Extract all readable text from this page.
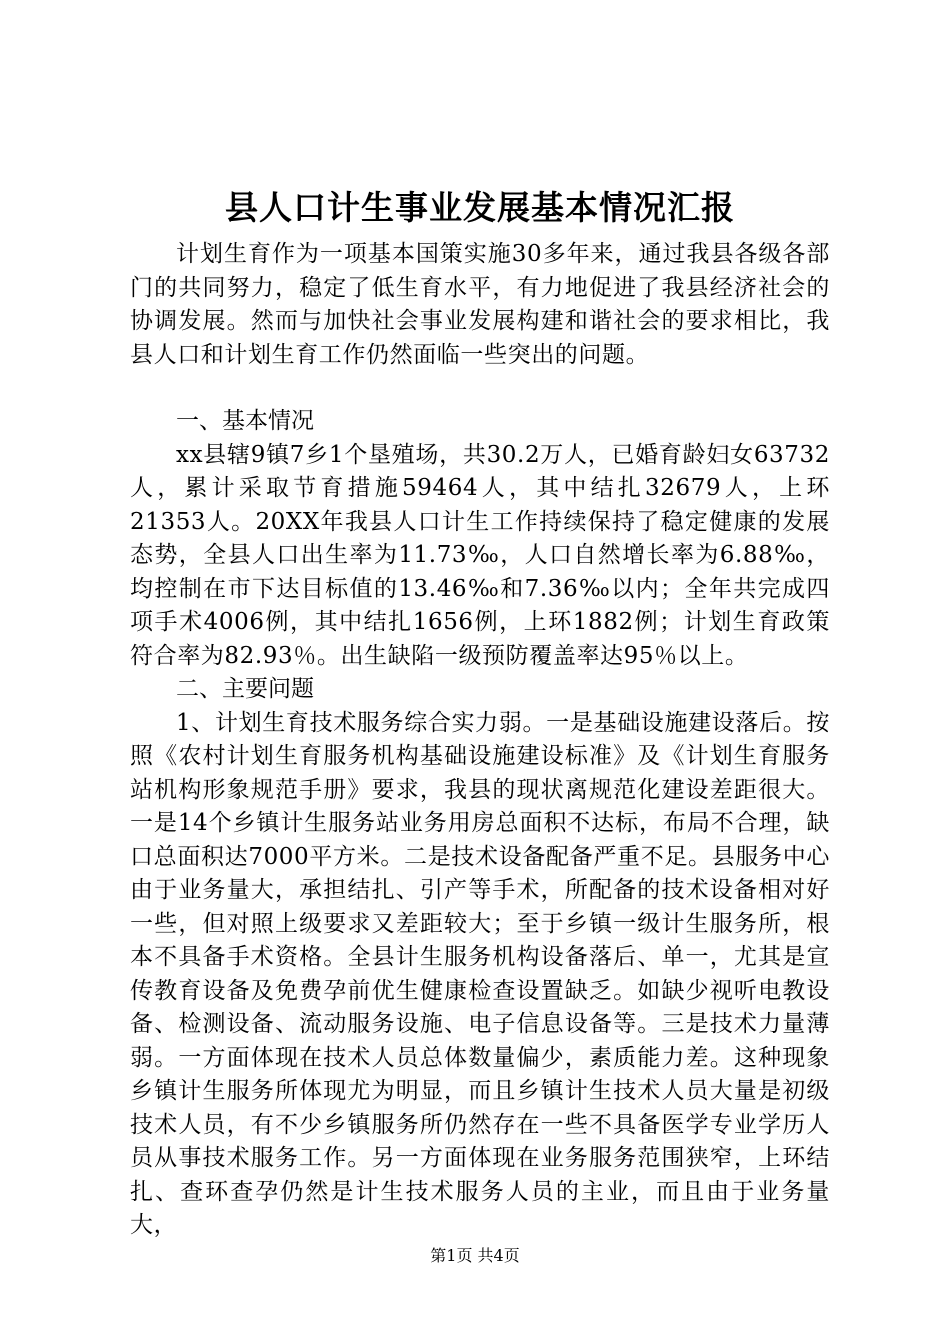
县人口计生事业发展基本情况汇报

计划生育作为一项基本国策实施30多年来，通过我县各级各部门的共同努力，稳定了低生育水平，有力地促进了我县经济社会的协调发展。然而与加快社会事业发展构建和谐社会的要求相比，我县人口和计划生育工作仍然面临一些突出的问题。

一、基本情况

xx县辖9镇7乡1个垦殖场，共30.2万人，已婚育龄妇女63732人，累计采取节育措施59464人，其中结扎32679人，上环21353人。20XX年我县人口计生工作持续保持了稳定健康的发展态势，全县人口出生率为11.73‰，人口自然增长率为6.88‰，均控制在市下达目标值的13.46‰和7.36‰以内；全年共完成四项手术4006例，其中结扎1656例，上环1882例；计划生育政策符合率为82.93％。出生缺陷一级预防覆盖率达95％以上。

二、主要问题

1、计划生育技术服务综合实力弱。一是基础设施建设落后。按照《农村计划生育服务机构基础设施建设标准》及《计划生育服务站机构形象规范手册》要求，我县的现状离规范化建设差距很大。一是14个乡镇计生服务站业务用房总面积不达标，布局不合理，缺口总面积达7000平方米。二是技术设备配备严重不足。县服务中心由于业务量大，承担结扎、引产等手术，所配备的技术设备相对好一些，但对照上级要求又差距较大；至于乡镇一级计生服务所，根本不具备手术资格。全县计生服务机构设备落后、单一，尤其是宣传教育设备及免费孕前优生健康检查设置缺乏。如缺少视听电教设备、检测设备、流动服务设施、电子信息设备等。三是技术力量薄弱。一方面体现在技术人员总体数量偏少，素质能力差。这种现象乡镇计生服务所体现尤为明显，而且乡镇计生技术人员大量是初级技术人员，有不少乡镇服务所仍然存在一些不具备医学专业学历人员从事技术服务工作。另一方面体现在业务服务范围狭窄，上环结扎、查环查孕仍然是计生技术服务人员的主业，而且由于业务量大，

第1页 共4页
